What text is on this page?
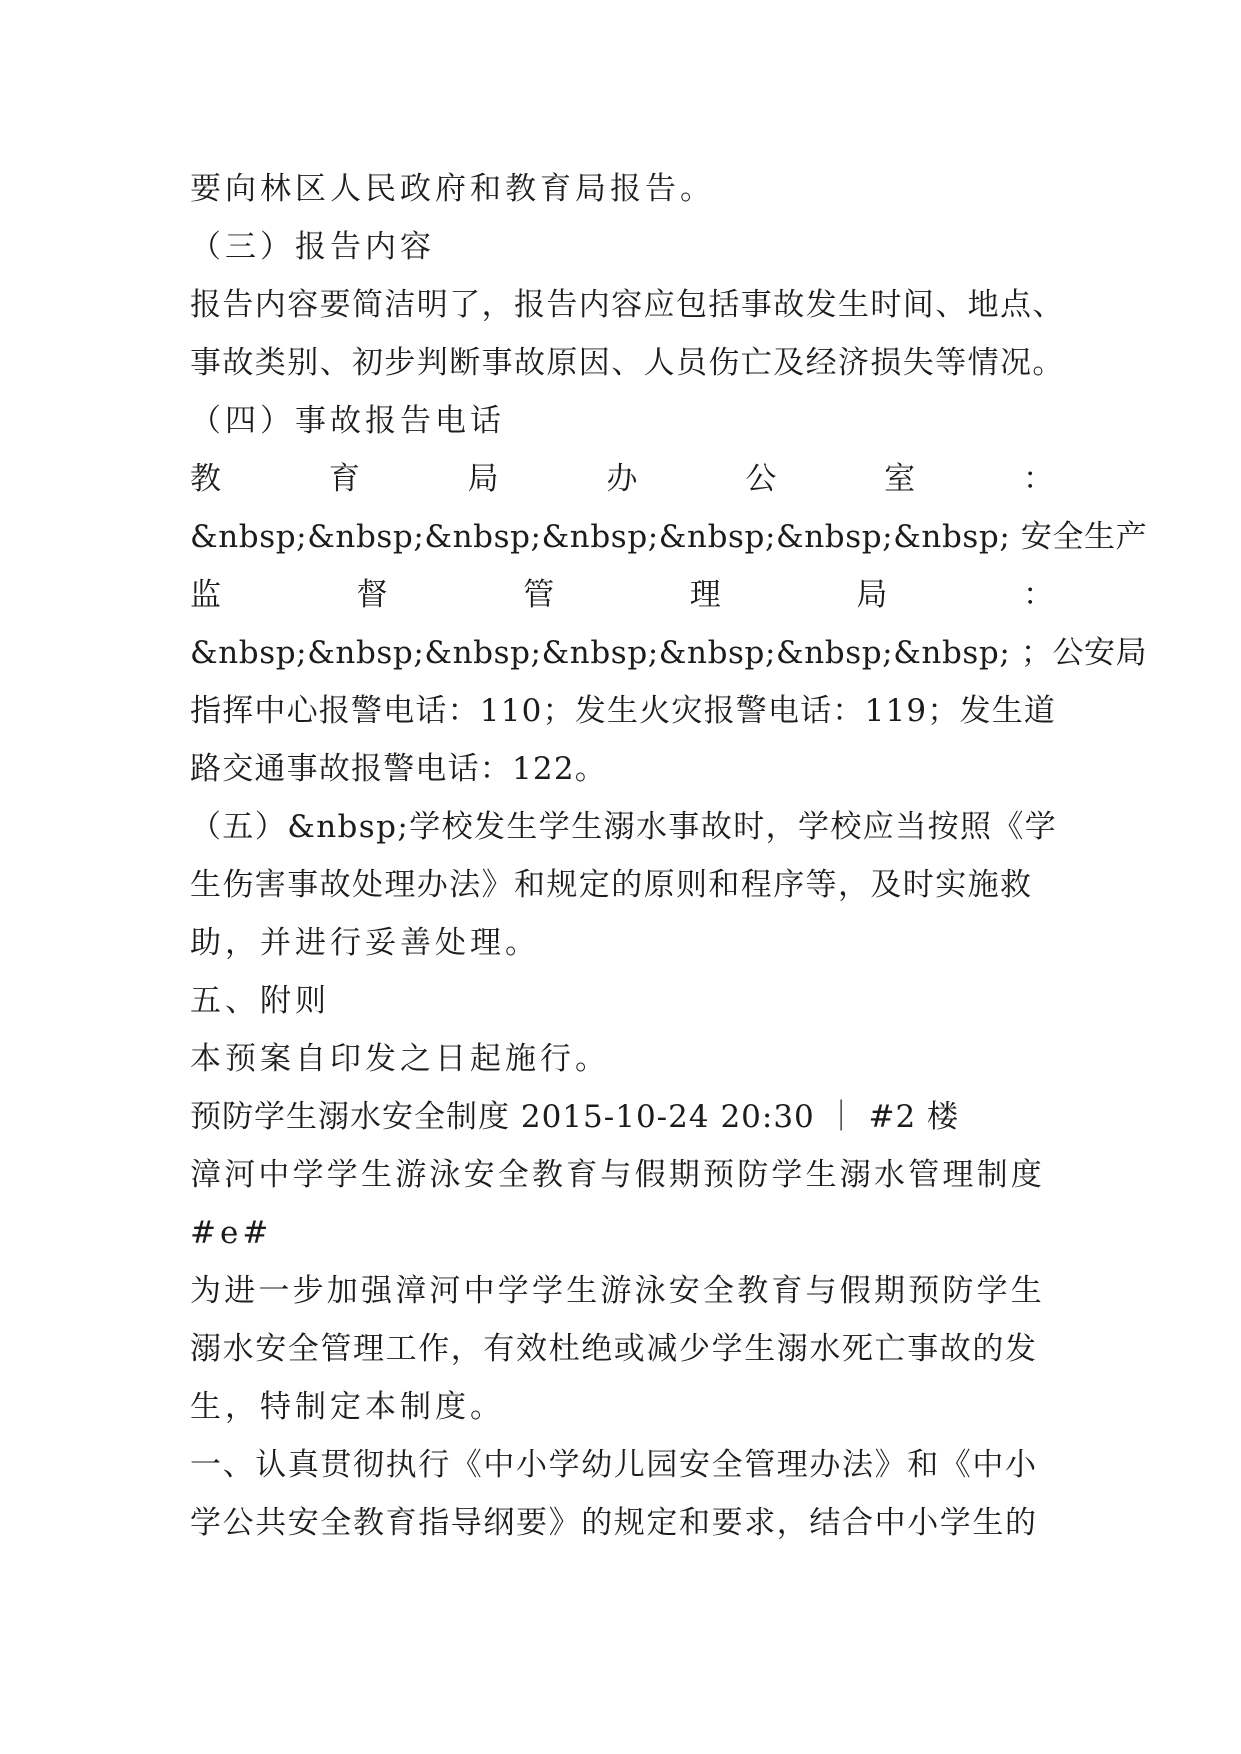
要向林区人民政府和教育局报告。
（三）报告内容
报告内容要简洁明了，报告内容应包括事故发生时间、地点、
事故类别、初步判断事故原因、人员伤亡及经济损失等情况。
（四）事故报告电话
教	育	局	办	公	室	：
&nbsp;&nbsp;&nbsp;&nbsp;&nbsp;&nbsp;&nbsp; 安全生产
监	督	管	理	局	：
&nbsp;&nbsp;&nbsp;&nbsp;&nbsp;&nbsp;&nbsp; ；公安局
指挥中心报警电话：110；发生火灾报警电话：119；发生道
路交通事故报警电话：122。
（五）&nbsp;学校发生学生溺水事故时，学校应当按照《学
生伤害事故处理办法》和规定的原则和程序等，及时实施救
助，并进行妥善处理。
五、附则
本预案自印发之日起施行。
预防学生溺水安全制度 2015-10-24 20:30 ｜ #2 楼
漳河中学学生游泳安全教育与假期预防学生溺水管理制度
#e#
为进一步加强漳河中学学生游泳安全教育与假期预防学生
溺水安全管理工作，有效杜绝或减少学生溺水死亡事故的发
生，特制定本制度。
一、认真贯彻执行《中小学幼儿园安全管理办法》和《中小
学公共安全教育指导纲要》的规定和要求，结合中小学生的
